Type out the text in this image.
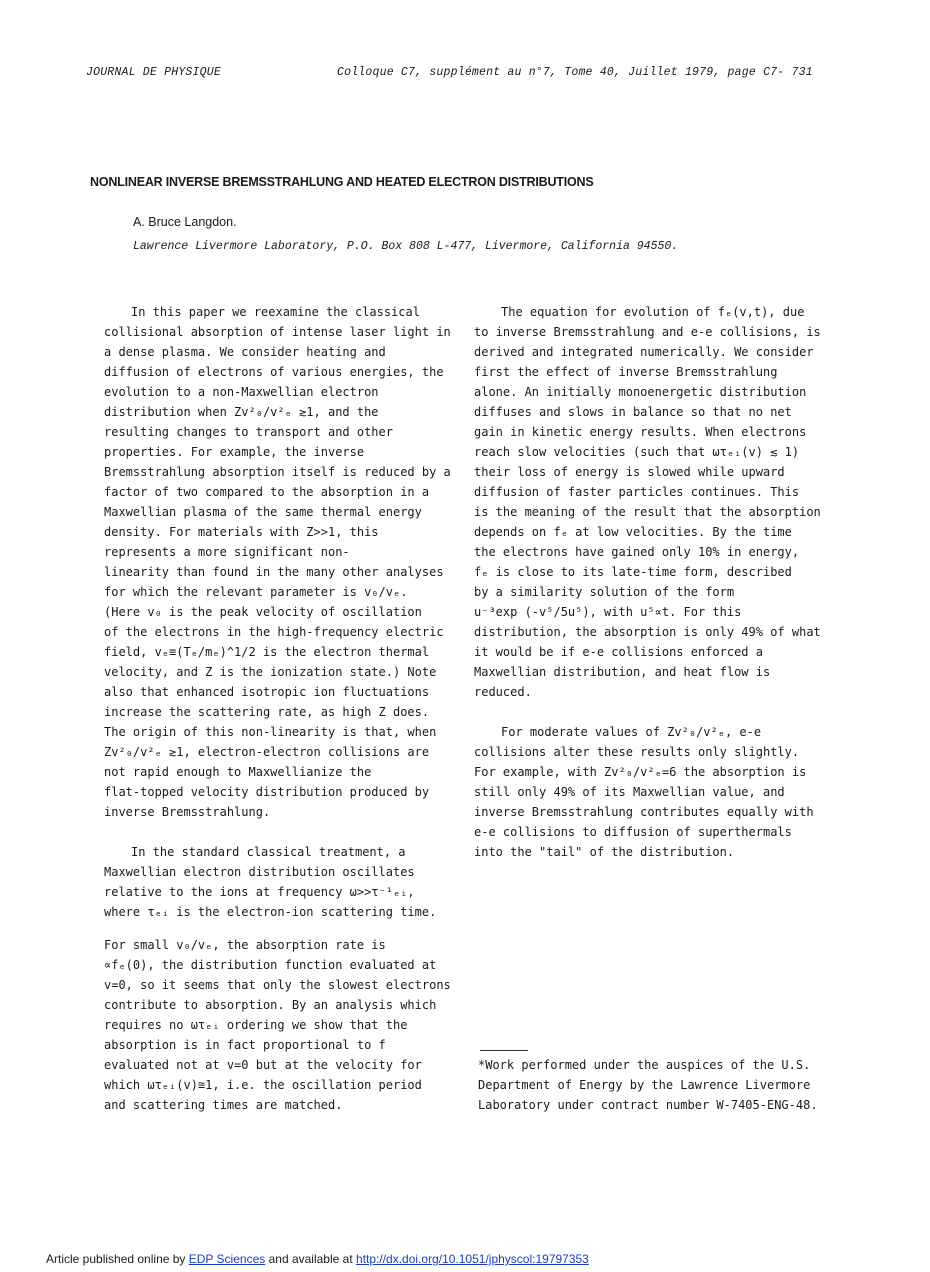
JOURNAL DE PHYSIQUE	Colloque C7, supplément au n°7, Tome 40, Juillet 1979, page C7- 731
NONLINEAR INVERSE BREMSSTRAHLUNG AND HEATED ELECTRON DISTRIBUTIONS
A. Bruce Langdon.
Lawrence Livermore Laboratory, P.O. Box 808 L-477, Livermore, California 94550.

In this paper we reexamine the classical

collisional absorption of intense laser light in

a dense plasma. We consider heating and

diffusion of electrons of various energies, the

evolution to a non-Maxwellian electron

distribution when Zv²₀/v²ₑ ≳1, and the

resulting changes to transport and other

properties. For example, the inverse

Bremsstrahlung absorption itself is reduced by a

factor of two compared to the absorption in a

Maxwellian plasma of the same thermal energy

density. For materials with Z>>1, this

represents a more significant non-

linearity than found in the many other analyses

for which the relevant parameter is v₀/vₑ.

(Here v₀ is the peak velocity of oscillation

of the electrons in the high-frequency electric

field, vₑ≡(Tₑ/mₑ)^1/2 is the electron thermal

velocity, and Z is the ionization state.) Note

also that enhanced isotropic ion fluctuations

increase the scattering rate, as high Z does.

The origin of this non-linearity is that, when

Zv²₀/v²ₑ ≳1, electron-electron collisions are

not rapid enough to Maxwellianize the

flat-topped velocity distribution produced by

inverse Bremsstrahlung.

In the standard classical treatment, a

Maxwellian electron distribution oscillates

relative to the ions at frequency ω>>τ⁻¹ₑᵢ,

where τₑᵢ is the electron-ion scattering time.

For small v₀/vₑ, the absorption rate is

∝fₑ(0), the distribution function evaluated at

v=0, so it seems that only the slowest electrons

contribute to absorption. By an analysis which

requires no ωτₑᵢ ordering we show that the

absorption is in fact proportional to f

evaluated not at v=0 but at the velocity for

which ωτₑᵢ(v)≅1, i.e. the oscillation period

and scattering times are matched.

The equation for evolution of fₑ(v,t), due

to inverse Bremsstrahlung and e-e collisions, is

derived and integrated numerically. We consider

first the effect of inverse Bremsstrahlung

alone. An initially monoenergetic distribution

diffuses and slows in balance so that no net

gain in kinetic energy results. When electrons

reach slow velocities (such that ωτₑᵢ(v) ≲ 1)

their loss of energy is slowed while upward

diffusion of faster particles continues. This

is the meaning of the result that the absorption

depends on fₑ at low velocities. By the time

the electrons have gained only 10% in energy,

fₑ is close to its late-time form, described

by a similarity solution of the form

u⁻³exp (-v⁵/5u⁵), with u⁵∝t. For this

distribution, the absorption is only 49% of what

it would be if e-e collisions enforced a

Maxwellian distribution, and heat flow is

reduced.

For moderate values of Zv²₀/v²ₑ, e-e

collisions alter these results only slightly.

For example, with Zv²₀/v²ₑ=6 the absorption is

still only 49% of its Maxwellian value, and

inverse Bremsstrahlung contributes equally with

e-e collisions to diffusion of superthermals

into the "tail" of the distribution.

*Work performed under the auspices of the U.S.

Department of Energy by the Lawrence Livermore

Laboratory under contract number W-7405-ENG-48.

Article published online by EDP Sciences and available at http://dx.doi.org/10.1051/jphyscol:19797353
